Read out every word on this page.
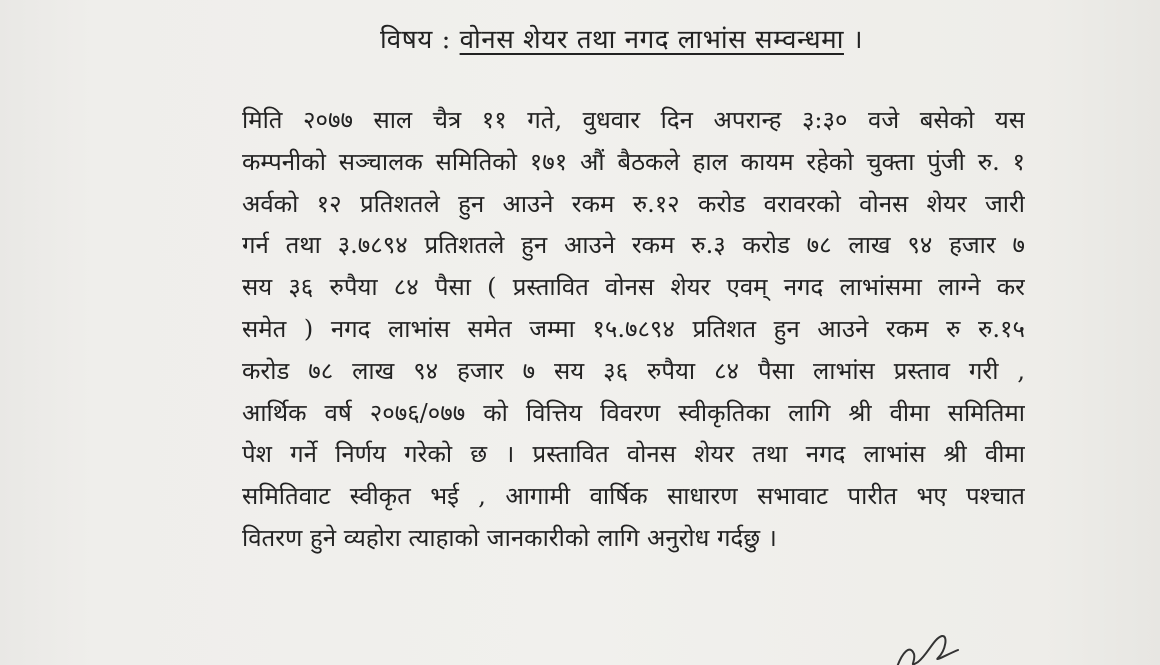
विषय : वोनस शेयर तथा नगद लाभांस सम्वन्धमा ।
मिति २०७७ साल चैत्र ११ गते, वुधवार दिन अपरान्ह ३:३० वजे बसेको यस
कम्पनीको सञ्चालक समितिको १७१ औं बैठकले हाल कायम रहेको चुक्ता पुंजी रु. १
अर्वको १२ प्रतिशतले हुन आउने रकम रु.१२ करोड वरावरको वोनस शेयर जारी
गर्न तथा ३.७८९४ प्रतिशतले हुन आउने रकम रु.३ करोड ७८ लाख ९४ हजार ७
सय ३६ रुपैया ८४ पैसा ( प्रस्तावित वोनस शेयर एवम् नगद लाभांसमा लाग्ने कर
समेत ) नगद लाभांस समेत जम्मा १५.७८९४ प्रतिशत हुन आउने रकम रु रु.१५
करोड ७८ लाख ९४ हजार ७ सय ३६ रुपैया ८४ पैसा लाभांस प्रस्ताव गरी ,
आर्थिक वर्ष २०७६/०७७ को वित्तिय विवरण स्वीकृतिका लागि श्री वीमा समितिमा
पेश गर्ने निर्णय गरेको छ । प्रस्तावित वोनस शेयर तथा नगद लाभांस श्री वीमा
समितिवाट स्वीकृत भई , आगामी वार्षिक साधारण सभावाट पारीत भए पश्चात
वितरण हुने व्यहोरा त्याहाको जानकारीको लागि अनुरोध गर्दछु ।
